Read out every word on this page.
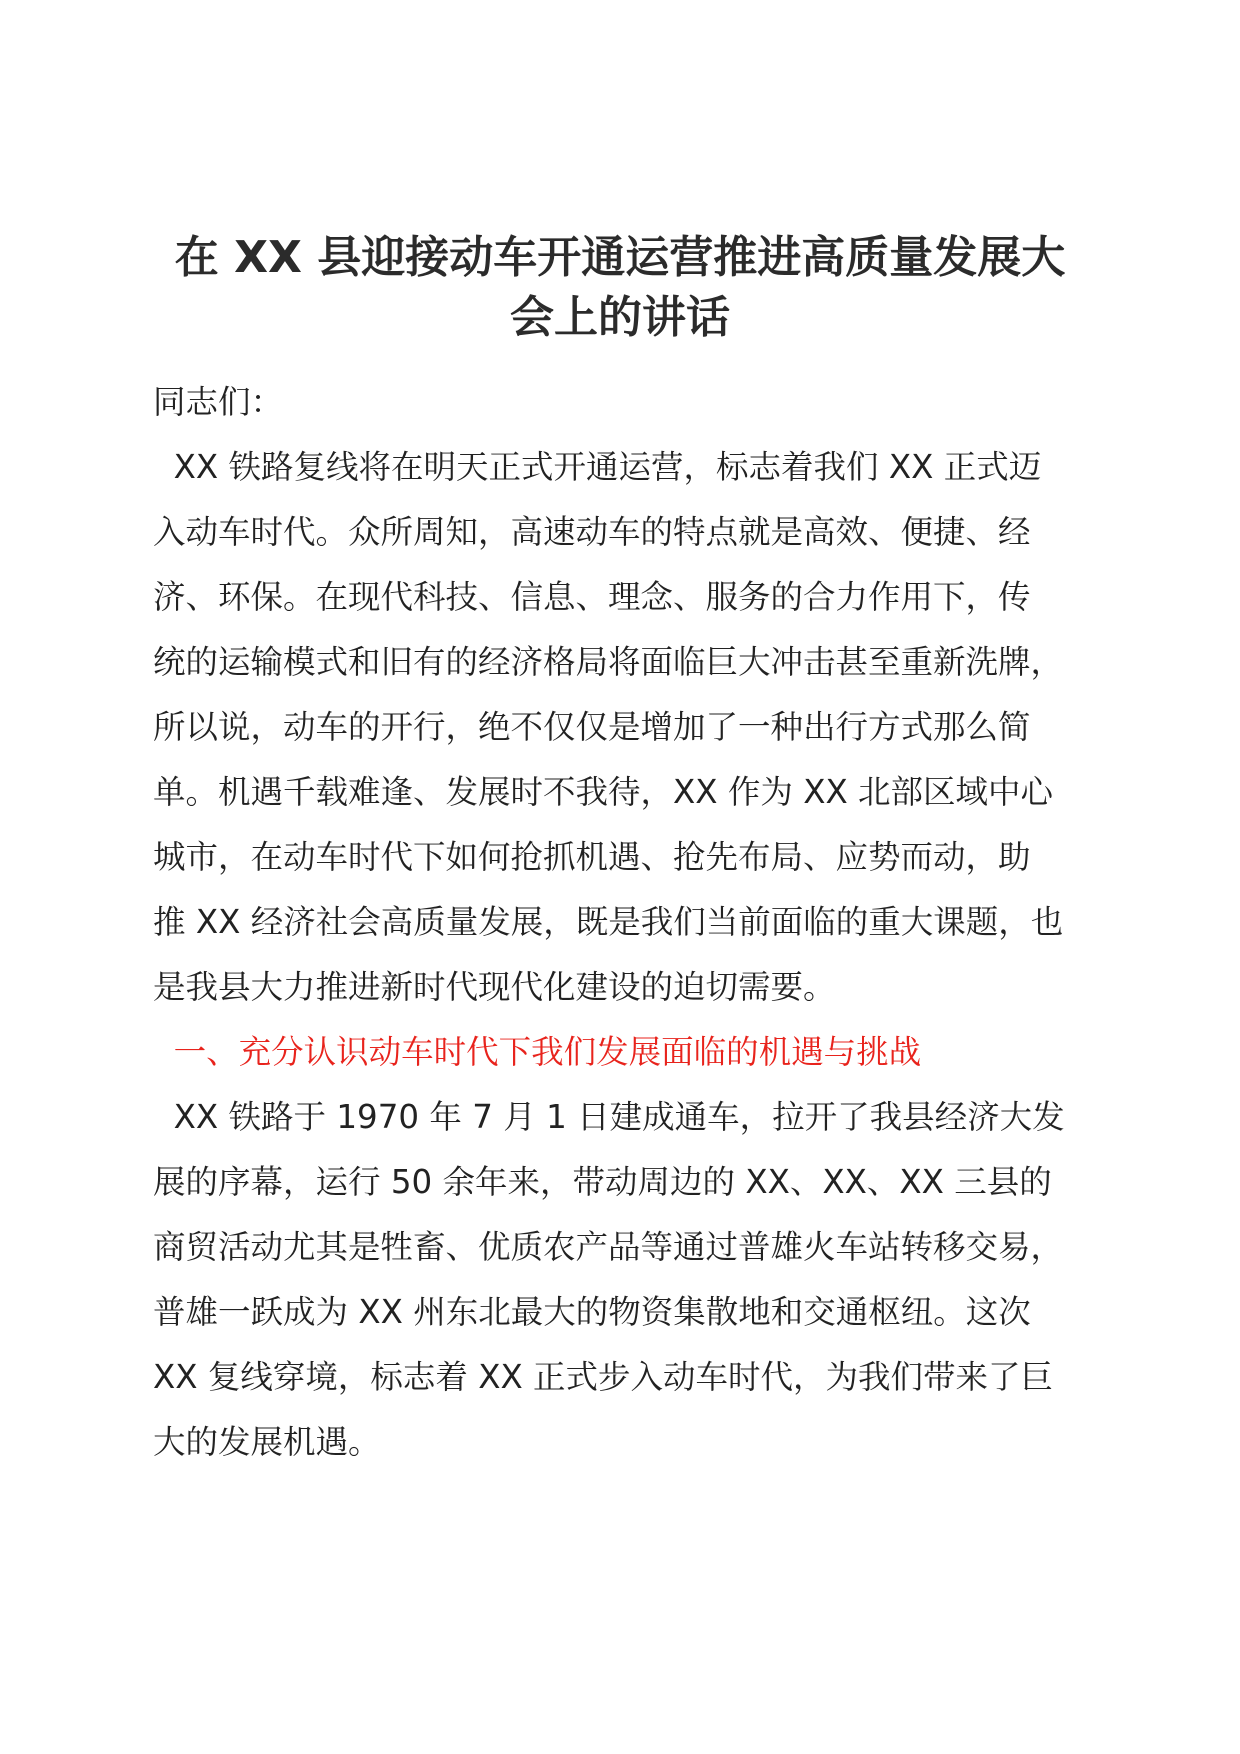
在 XX 县迎接动车开通运营推进高质量发展大
会上的讲话

同志们：

XX 铁路复线将在明天正式开通运营，标志着我们 XX 正式迈
入动车时代。众所周知，高速动车的特点就是高效、便捷、经
济、环保。在现代科技、信息、理念、服务的合力作用下，传
统的运输模式和旧有的经济格局将面临巨大冲击甚至重新洗牌，
所以说，动车的开行，绝不仅仅是增加了一种出行方式那么简
单。机遇千载难逢、发展时不我待，XX 作为 XX 北部区域中心
城市，在动车时代下如何抢抓机遇、抢先布局、应势而动，助
推 XX 经济社会高质量发展，既是我们当前面临的重大课题，也
是我县大力推进新时代现代化建设的迫切需要。

一、充分认识动车时代下我们发展面临的机遇与挑战

XX 铁路于 1970 年 7 月 1 日建成通车，拉开了我县经济大发
展的序幕，运行 50 余年来，带动周边的 XX、XX、XX 三县的
商贸活动尤其是牲畜、优质农产品等通过普雄火车站转移交易，
普雄一跃成为 XX 州东北最大的物资集散地和交通枢纽。这次
XX 复线穿境，标志着 XX 正式步入动车时代，为我们带来了巨
大的发展机遇。
